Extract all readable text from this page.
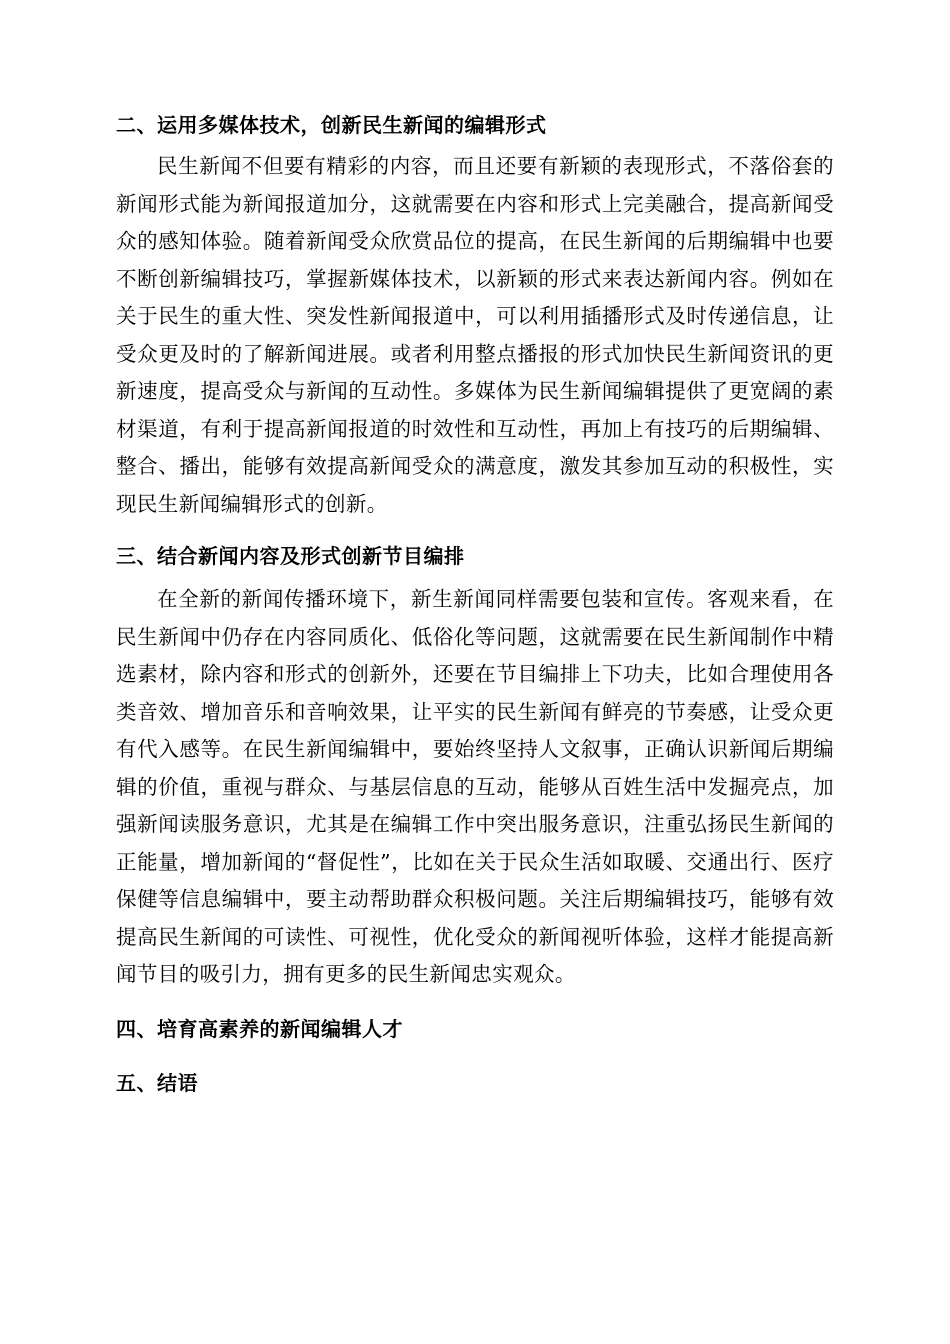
二、运用多媒体技术，创新民生新闻的编辑形式

民生新闻不但要有精彩的内容，而且还要有新颖的表现形式，不落俗套的新闻形式能为新闻报道加分，这就需要在内容和形式上完美融合，提高新闻受众的感知体验。随着新闻受众欣赏品位的提高，在民生新闻的后期编辑中也要不断创新编辑技巧，掌握新媒体技术，以新颖的形式来表达新闻内容。例如在关于民生的重大性、突发性新闻报道中，可以利用插播形式及时传递信息，让受众更及时的了解新闻进展。或者利用整点播报的形式加快民生新闻资讯的更新速度，提高受众与新闻的互动性。多媒体为民生新闻编辑提供了更宽阔的素材渠道，有利于提高新闻报道的时效性和互动性，再加上有技巧的后期编辑、整合、播出，能够有效提高新闻受众的满意度，激发其参加互动的积极性，实现民生新闻编辑形式的创新。

三、结合新闻内容及形式创新节目编排

在全新的新闻传播环境下，新生新闻同样需要包装和宣传。客观来看，在民生新闻中仍存在内容同质化、低俗化等问题，这就需要在民生新闻制作中精选素材，除内容和形式的创新外，还要在节目编排上下功夫，比如合理使用各类音效、增加音乐和音响效果，让平实的民生新闻有鲜亮的节奏感，让受众更有代入感等。在民生新闻编辑中，要始终坚持人文叙事，正确认识新闻后期编辑的价值，重视与群众、与基层信息的互动，能够从百姓生活中发掘亮点，加强新闻读服务意识，尤其是在编辑工作中突出服务意识，注重弘扬民生新闻的正能量，增加新闻的“督促性”，比如在关于民众生活如取暖、交通出行、医疗保健等信息编辑中，要主动帮助群众积极问题。关注后期编辑技巧，能够有效提高民生新闻的可读性、可视性，优化受众的新闻视听体验，这样才能提高新闻节目的吸引力，拥有更多的民生新闻忠实观众。

四、培育高素养的新闻编辑人才

五、结语
